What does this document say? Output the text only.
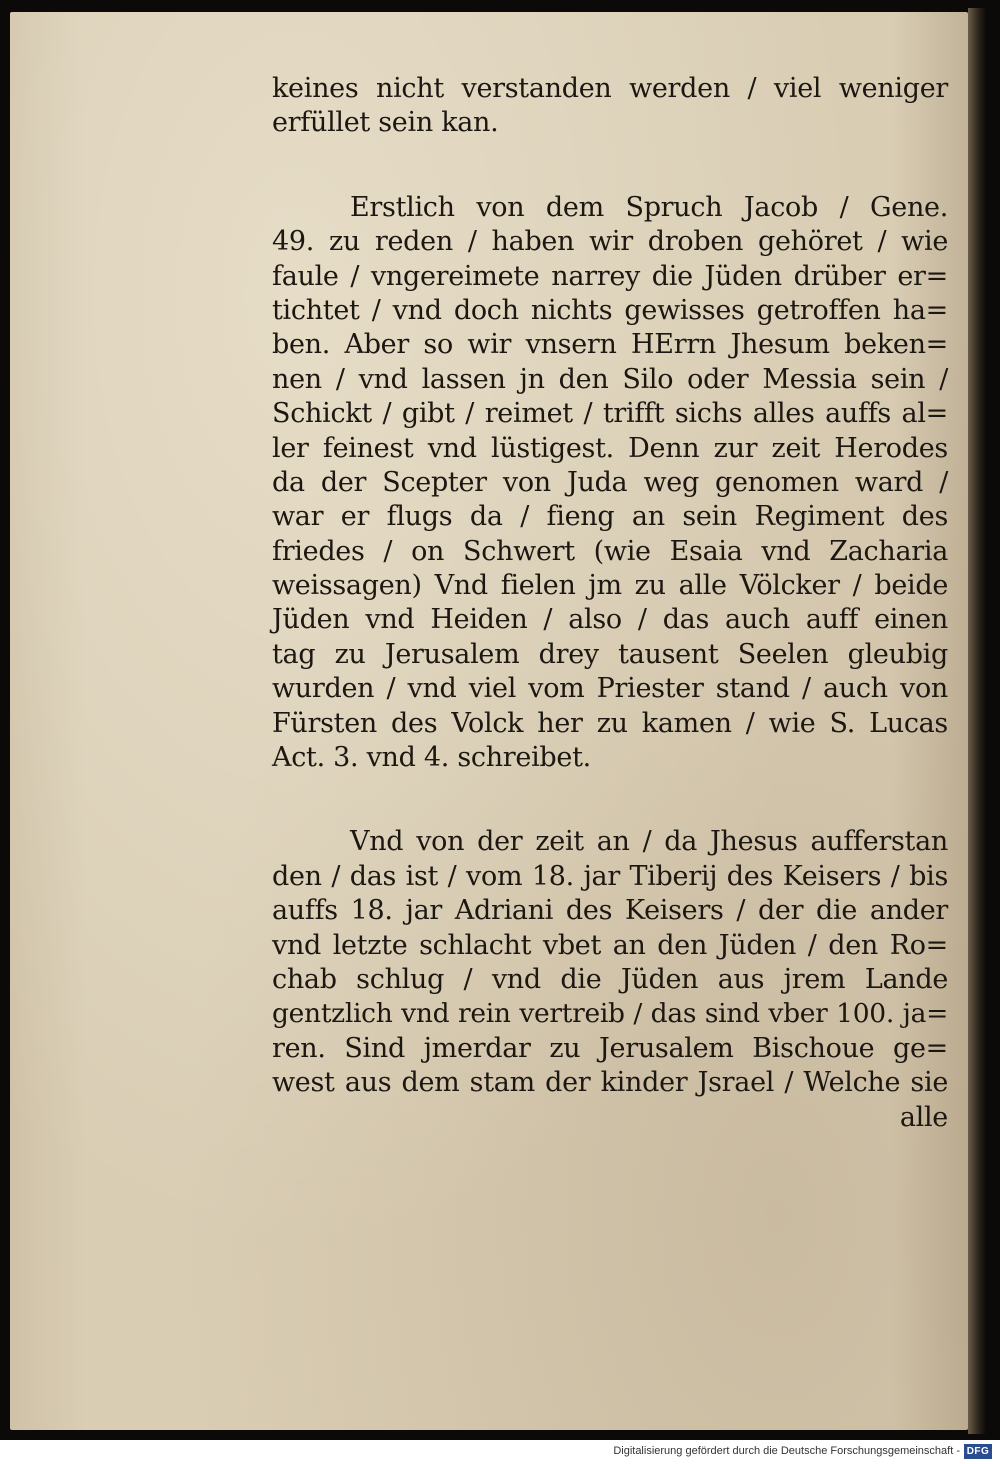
keines nicht verstanden werden / viel weniger
erfüllet sein kan.
Erstlich von dem Spruch Jacob / Gene.
49. zu reden / haben wir droben gehöret / wie
faule / vngereimete narrey die Jüden drüber er=
tichtet / vnd doch nichts gewisses getroffen ha=
ben. Aber so wir vnsern HErrn Jhesum beken=
nen / vnd lassen jn den Silo oder Messia sein /
Schickt / gibt / reimet / trifft sichs alles auffs al=
ler feinest vnd lüstigest. Denn zur zeit Herodes
da der Scepter von Juda weg genomen ward /
war er flugs da / fieng an sein Regiment des
friedes / on Schwert (wie Esaia vnd Zacharia
weissagen) Vnd fielen jm zu alle Völcker / beide
Jüden vnd Heiden / also / das auch auff einen
tag zu Jerusalem drey tausent Seelen gleubig
wurden / vnd viel vom Priester stand / auch von
Fürsten des Volck her zu kamen / wie S. Lucas
Act. 3. vnd 4. schreibet.
Vnd von der zeit an / da Jhesus aufferstan
den / das ist / vom 18. jar Tiberij des Keisers / bis
auffs 18. jar Adriani des Keisers / der die ander
vnd letzte schlacht vbet an den Jüden / den Ro=
chab schlug / vnd die Jüden aus jrem Lande
gentzlich vnd rein vertreib / das sind vber 100. ja=
ren. Sind jmerdar zu Jerusalem Bischoue ge=
west aus dem stam der kinder Jsrael / Welche sie
alle
Digitalisierung gefördert durch die Deutsche Forschungsgemeinschaft - DFG
